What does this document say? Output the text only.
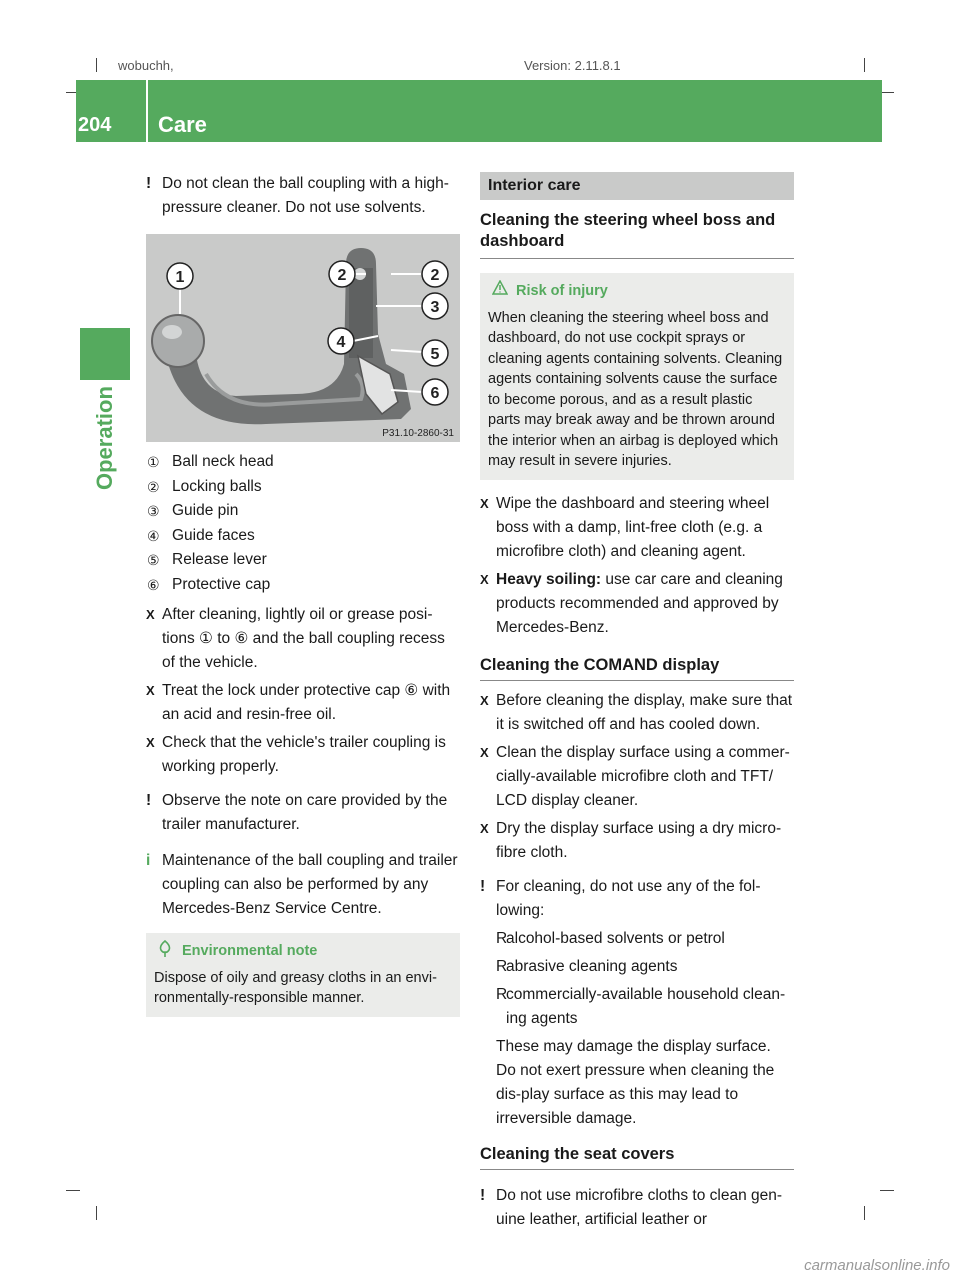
wobuchh,	Version: 2.11.8.1
204 Care
Operation
! Do not clean the ball coupling with a high-pressure cleaner. Do not use solvents.
1	2	2
3
4
5
6
P31.10-2860-31
① Ball neck head
② Locking balls
③ Guide pin
④ Guide faces
⑤ Release lever
⑥ Protective cap
X After cleaning, lightly oil or grease posi-tions ① to ⑥ and the ball coupling recess of the vehicle.
X Treat the lock under protective cap ⑥ with an acid and resin-free oil.
X Check that the vehicle's trailer coupling is working properly.
! Observe the note on care provided by the trailer manufacturer.
i Maintenance of the ball coupling and trailer coupling can also be performed by any Mercedes-Benz Service Centre.
Environmental note
Dispose of oily and greasy cloths in an envi-ronmentally-responsible manner.
Interior care
Cleaning the steering wheel boss and dashboard
Risk of injury
When cleaning the steering wheel boss and dashboard, do not use cockpit sprays or cleaning agents containing solvents. Cleaning agents containing solvents cause the surface to become porous, and as a result plastic parts may break away and be thrown around the interior when an airbag is deployed which may result in severe injuries.
X Wipe the dashboard and steering wheel boss with a damp, lint-free cloth (e.g. a microfibre cloth) and cleaning agent.
X Heavy soiling: use car care and cleaning products recommended and approved by Mercedes-Benz.
Cleaning the COMAND display
X Before cleaning the display, make sure that it is switched off and has cooled down.
X Clean the display surface using a commer-cially-available microfibre cloth and TFT/ LCD display cleaner.
X Dry the display surface using a dry micro-fibre cloth.
! For cleaning, do not use any of the fol-lowing:
R
alcohol-based solvents or petrol
R
abrasive cleaning agents
R
commercially-available household clean-ing agents
These may damage the display surface. Do not exert pressure when cleaning the dis-play surface as this may lead to irreversible damage.
Cleaning the seat covers
! Do not use microfibre cloths to clean gen-uine leather, artificial leather or
carmanualsonline.info
